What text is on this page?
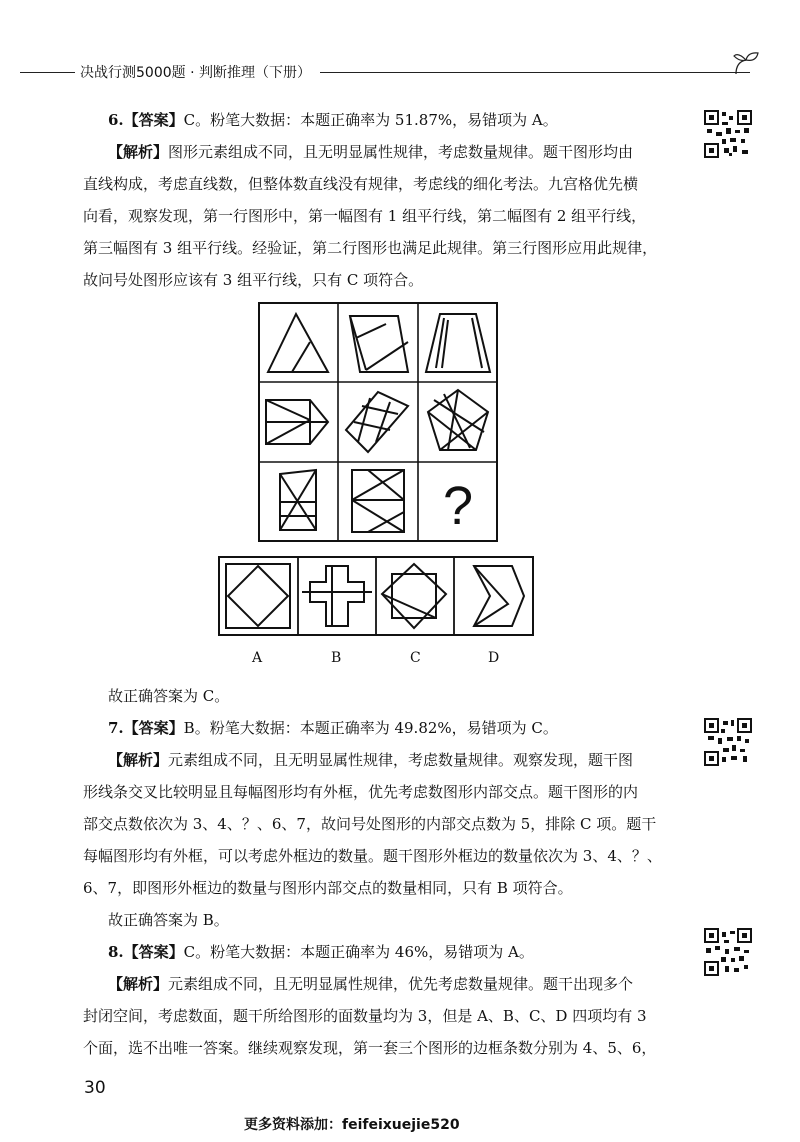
决战行测5000题 · 判断推理（下册）

6.【答案】C。粉笔大数据：本题正确率为 51.87%，易错项为 A。

【解析】图形元素组成不同，且无明显属性规律，考虑数量规律。题干图形均由

直线构成，考虑直线数，但整体数直线没有规律，考虑线的细化考法。九宫格优先横

向看，观察发现，第一行图形中，第一幅图有 1 组平行线，第二幅图有 2 组平行线，

第三幅图有 3 组平行线。经验证，第二行图形也满足此规律。第三行图形应用此规律，

故问号处图形应该有 3 组平行线，只有 C 项符合。

?
A	B	C	D

故正确答案为 C。

7.【答案】B。粉笔大数据：本题正确率为 49.82%，易错项为 C。

【解析】元素组成不同，且无明显属性规律，考虑数量规律。观察发现，题干图

形线条交叉比较明显且每幅图形均有外框，优先考虑数图形内部交点。题干图形的内

部交点数依次为 3、4、？、6、7，故问号处图形的内部交点数为 5，排除 C 项。题干

每幅图形均有外框，可以考虑外框边的数量。题干图形外框边的数量依次为 3、4、？、

6、7，即图形外框边的数量与图形内部交点的数量相同，只有 B 项符合。

故正确答案为 B。

8.【答案】C。粉笔大数据：本题正确率为 46%，易错项为 A。

【解析】元素组成不同，且无明显属性规律，优先考虑数量规律。题干出现多个

封闭空间，考虑数面，题干所给图形的面数量均为 3，但是 A、B、C、D 四项均有 3

个面，选不出唯一答案。继续观察发现，第一套三个图形的边框条数分别为 4、5、6，

30
更多资料添加：feifeixuejie520
